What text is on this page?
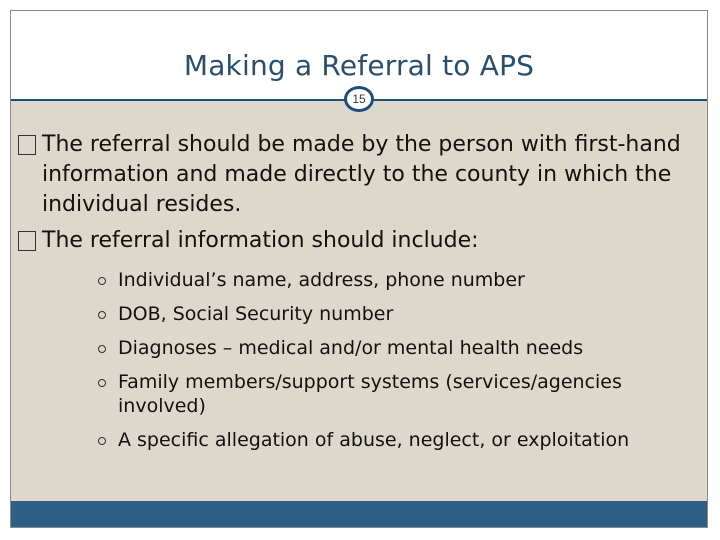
Making a Referral to APS
15
The referral should be made by the person with first-hand information and made directly to the county in which the individual resides.
The referral information should include:
Individual’s name, address, phone number
DOB, Social Security number
Diagnoses – medical and/or mental health needs
Family members/support systems (services/agencies involved)
A specific allegation of abuse, neglect, or exploitation
